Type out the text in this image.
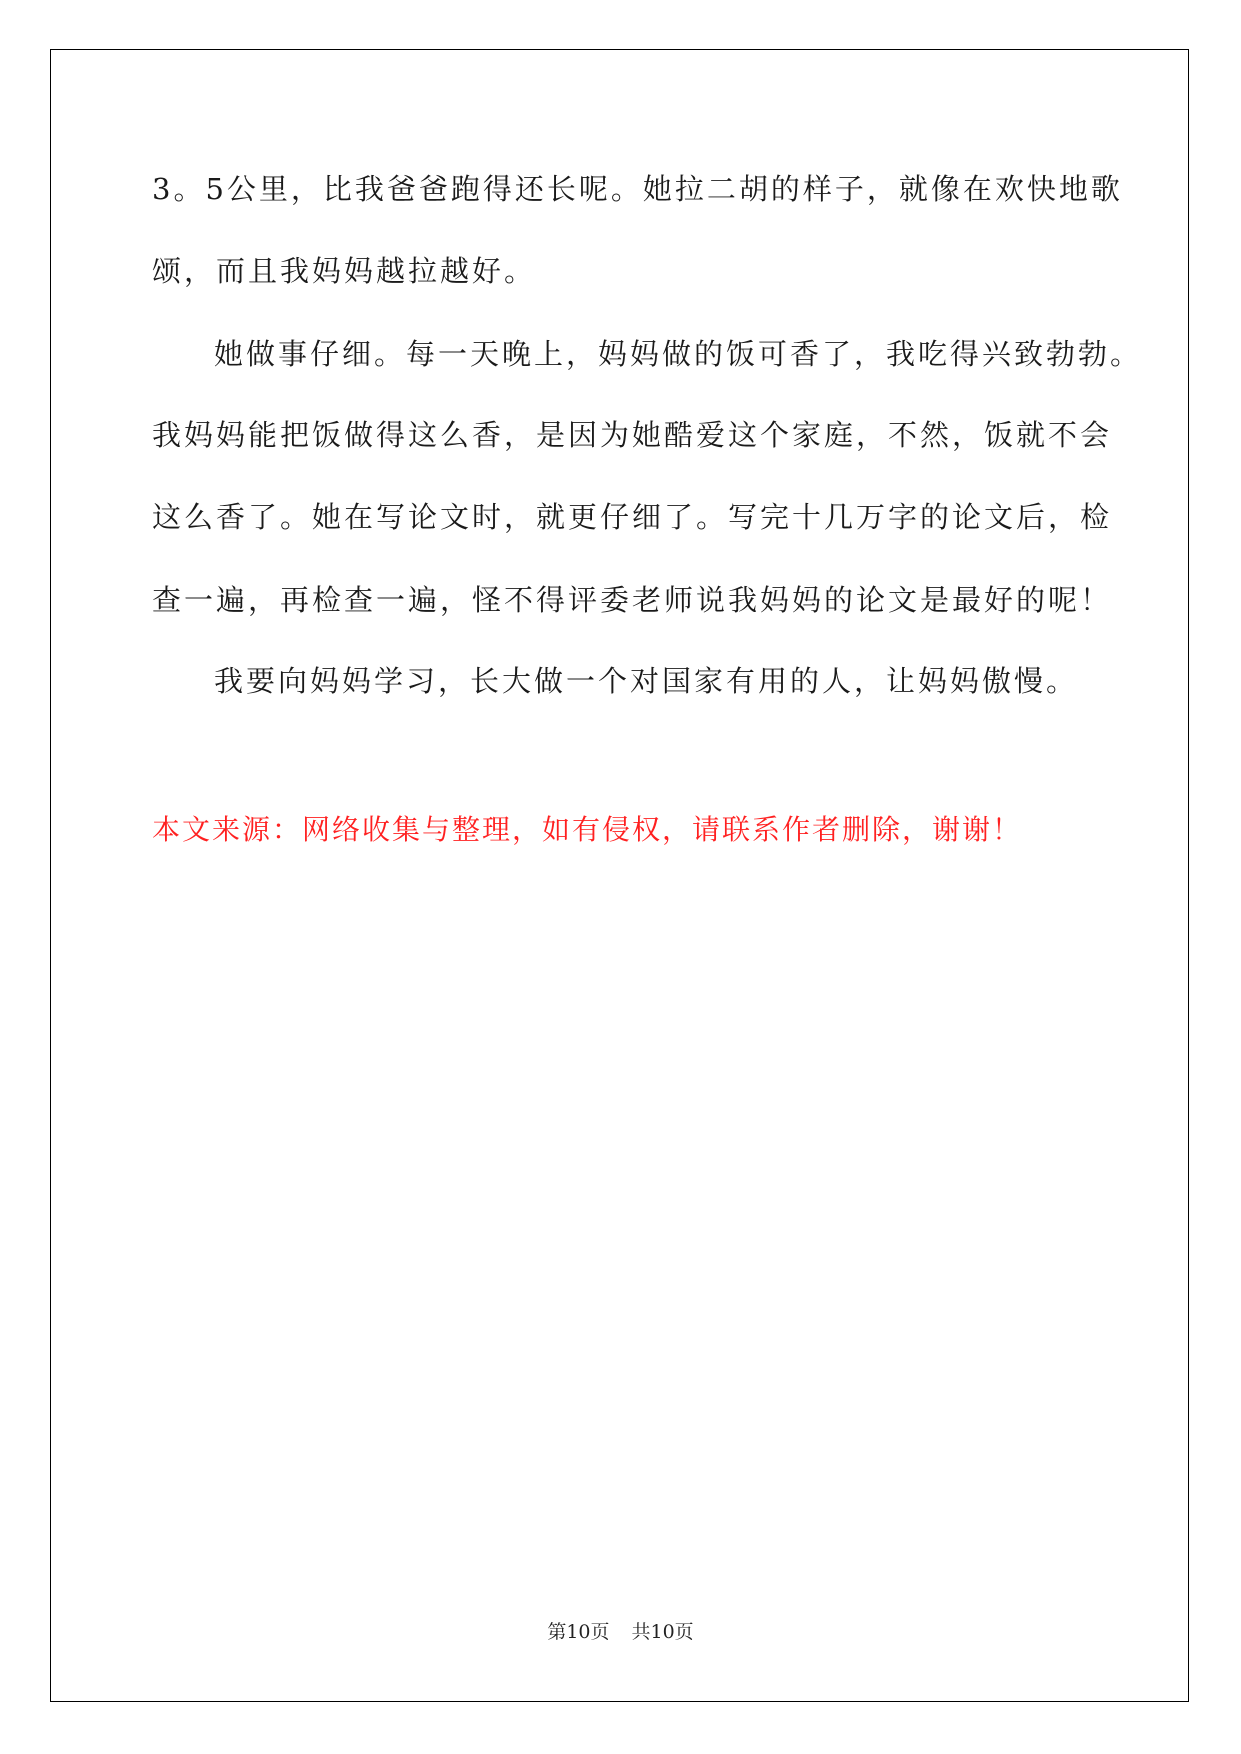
3。5公里，比我爸爸跑得还长呢。她拉二胡的样子，就像在欢快地歌

颂，而且我妈妈越拉越好。

她做事仔细。每一天晚上，妈妈做的饭可香了，我吃得兴致勃勃。

我妈妈能把饭做得这么香，是因为她酷爱这个家庭，不然，饭就不会

这么香了。她在写论文时，就更仔细了。写完十几万字的论文后，检

查一遍，再检查一遍，怪不得评委老师说我妈妈的论文是最好的呢！

我要向妈妈学习，长大做一个对国家有用的人，让妈妈傲慢。

本文来源：网络收集与整理，如有侵权，请联系作者删除，谢谢！

第10页 共10页
